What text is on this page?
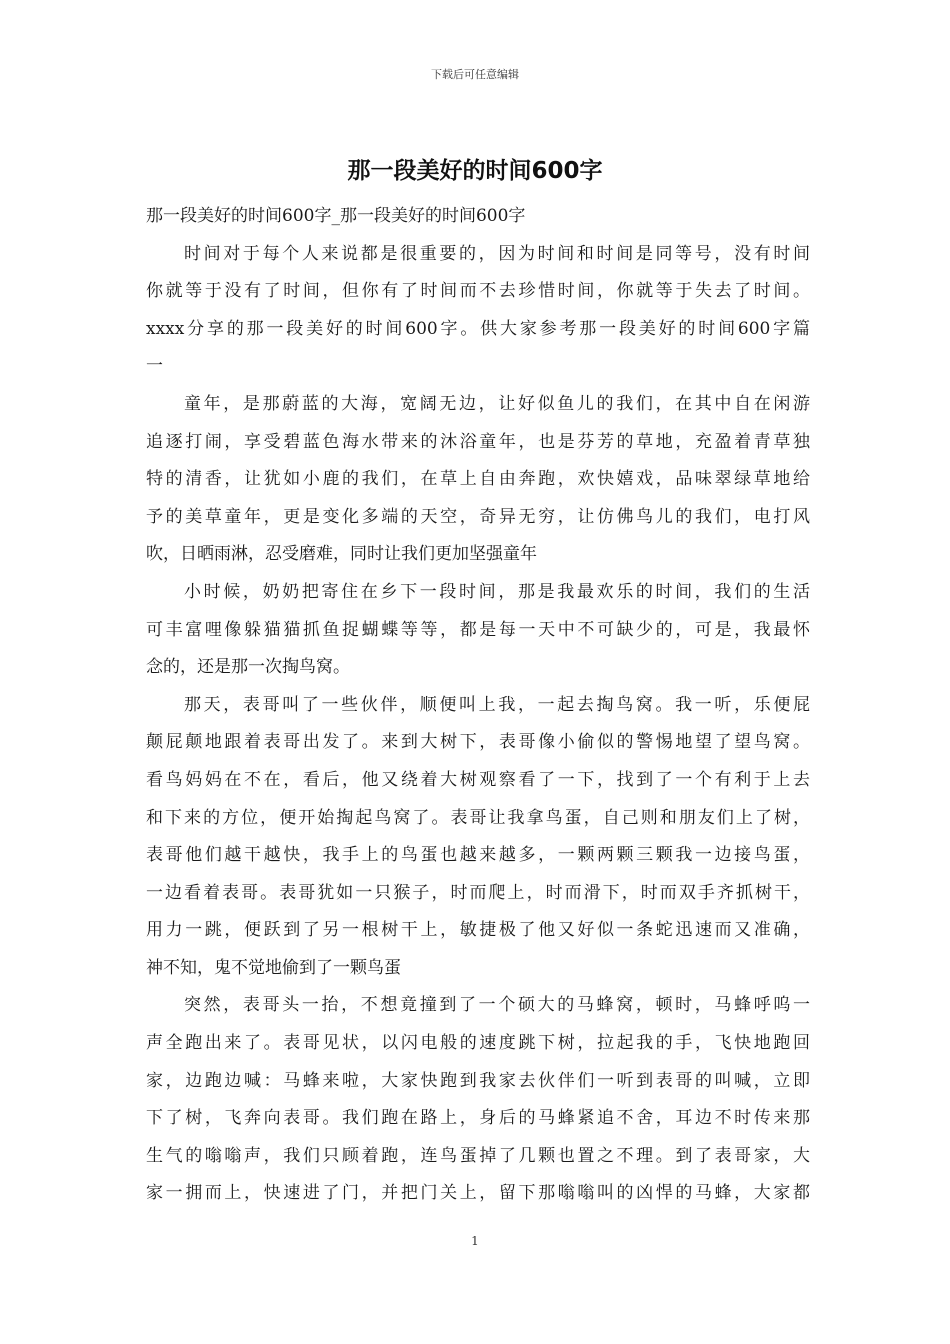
下载后可任意编辑
那一段美好的时间600字
那一段美好的时间600字_那一段美好的时间600字
时间对于每个人来说都是很重要的，因为时间和时间是同等号，没有时间
你就等于没有了时间，但你有了时间而不去珍惜时间，你就等于失去了时间。
xxxx分享的那一段美好的时间600字。供大家参考那一段美好的时间600字篇
一
童年，是那蔚蓝的大海，宽阔无边，让好似鱼儿的我们，在其中自在闲游
追逐打闹，享受碧蓝色海水带来的沐浴童年，也是芬芳的草地，充盈着青草独
特的清香，让犹如小鹿的我们，在草上自由奔跑，欢快嬉戏，品味翠绿草地给
予的美草童年，更是变化多端的天空，奇异无穷，让仿佛鸟儿的我们，电打风
吹，日晒雨淋，忍受磨难，同时让我们更加坚强童年
小时候，奶奶把寄住在乡下一段时间，那是我最欢乐的时间，我们的生活
可丰富哩像躲猫猫抓鱼捉蝴蝶等等，都是每一天中不可缺少的，可是，我最怀
念的，还是那一次掏鸟窝。
那天，表哥叫了一些伙伴，顺便叫上我，一起去掏鸟窝。我一听，乐便屁
颠屁颠地跟着表哥出发了。来到大树下，表哥像小偷似的警惕地望了望鸟窝。
看鸟妈妈在不在，看后，他又绕着大树观察看了一下，找到了一个有利于上去
和下来的方位，便开始掏起鸟窝了。表哥让我拿鸟蛋，自己则和朋友们上了树，
表哥他们越干越快，我手上的鸟蛋也越来越多，一颗两颗三颗我一边接鸟蛋，
一边看着表哥。表哥犹如一只猴子，时而爬上，时而滑下，时而双手齐抓树干，
用力一跳，便跃到了另一根树干上，敏捷极了他又好似一条蛇迅速而又准确，
神不知，鬼不觉地偷到了一颗鸟蛋
突然，表哥头一抬，不想竟撞到了一个硕大的马蜂窝，顿时，马蜂呼呜一
声全跑出来了。表哥见状，以闪电般的速度跳下树，拉起我的手，飞快地跑回
家，边跑边喊：马蜂来啦，大家快跑到我家去伙伴们一听到表哥的叫喊，立即
下了树，飞奔向表哥。我们跑在路上，身后的马蜂紧追不舍，耳边不时传来那
生气的嗡嗡声，我们只顾着跑，连鸟蛋掉了几颗也置之不理。到了表哥家，大
家一拥而上，快速进了门，并把门关上，留下那嗡嗡叫的凶悍的马蜂，大家都
1
